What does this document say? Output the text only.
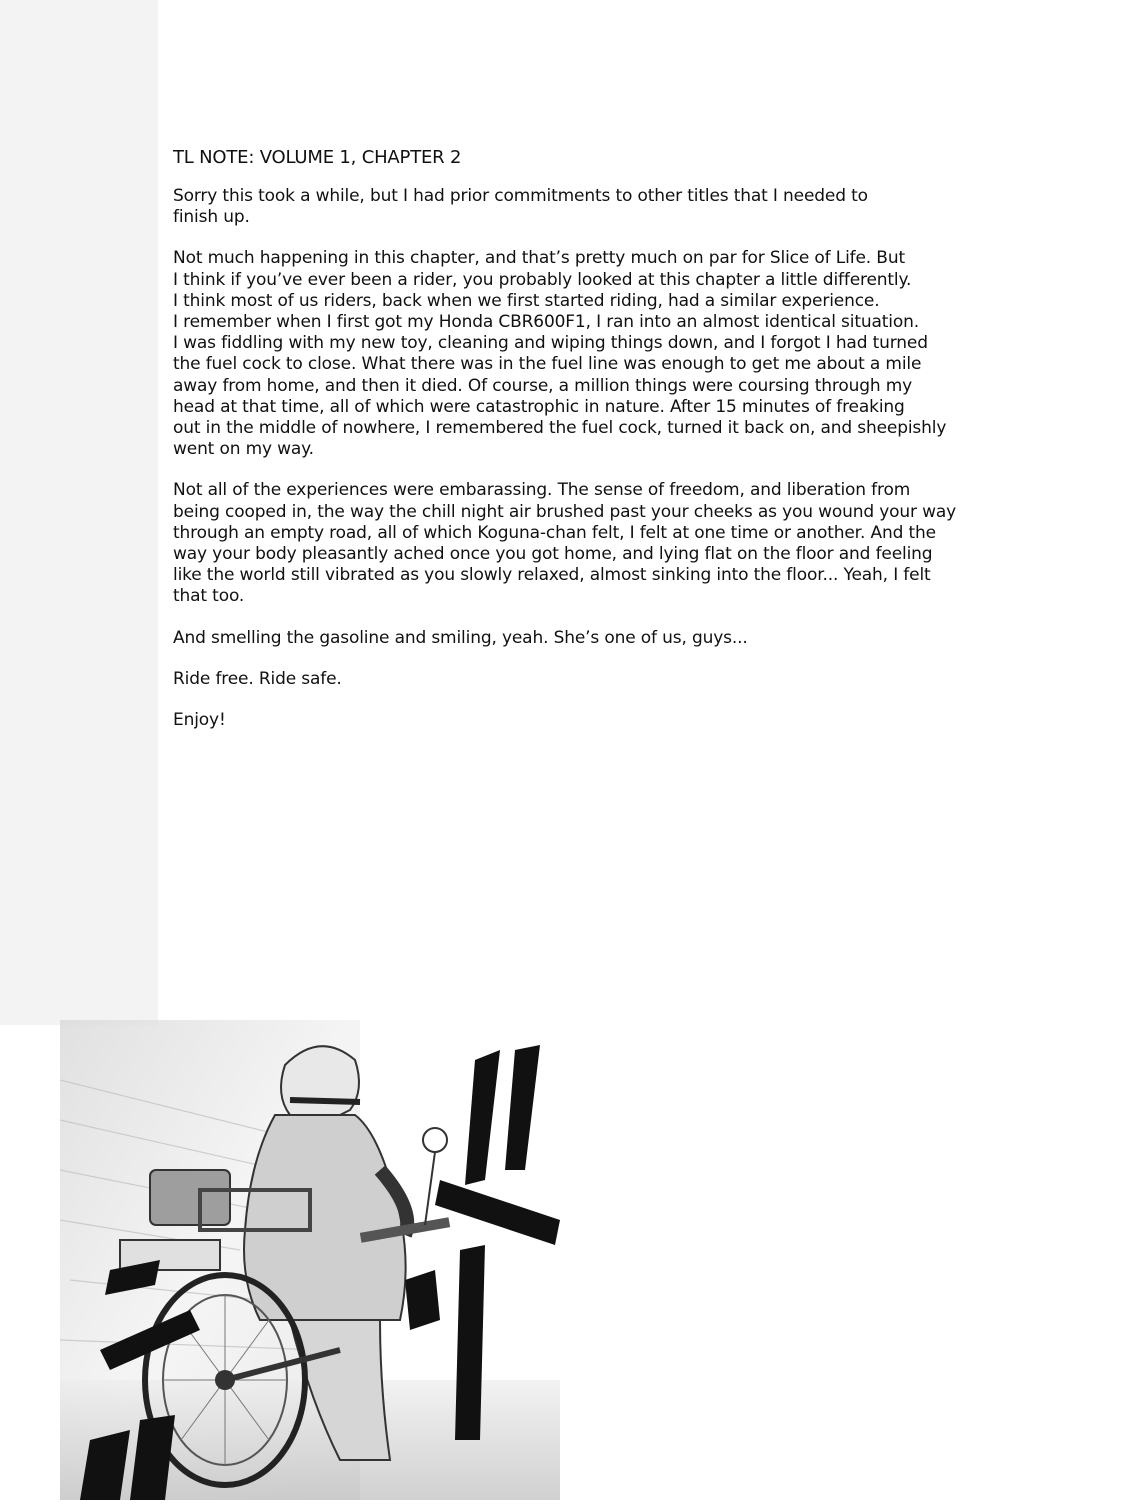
TL NOTE: VOLUME 1, CHAPTER 2

Sorry this took a while, but I had prior commitments to other titles that I needed to
finish up.

Not much happening in this chapter, and that’s pretty much on par for Slice of Life. But
I think if you’ve ever been a rider, you probably looked at this chapter a little differently.
I think most of us riders, back when we first started riding, had a similar experience.
I remember when I first got my Honda CBR600F1, I ran into an almost identical situation.
I was fiddling with my new toy, cleaning and wiping things down, and I forgot I had turned
the fuel cock to close. What there was in the fuel line was enough to get me about a mile
away from home, and then it died. Of course, a million things were coursing through my
head at that time, all of which were catastrophic in nature. After 15 minutes of freaking
out in the middle of nowhere, I remembered the fuel cock, turned it back on, and sheepishly
went on my way.

Not all of the experiences were embarassing. The sense of freedom, and liberation from
being cooped in, the way the chill night air brushed past your cheeks as you wound your way
through an empty road, all of which Koguna-chan felt, I felt at one time or another. And the
way your body pleasantly ached once you got home, and lying flat on the floor and feeling
like the world still vibrated as you slowly relaxed, almost sinking into the floor... Yeah, I felt
that too.

And smelling the gasoline and smiling, yeah. She’s one of us, guys...

Ride free. Ride safe.

Enjoy!
